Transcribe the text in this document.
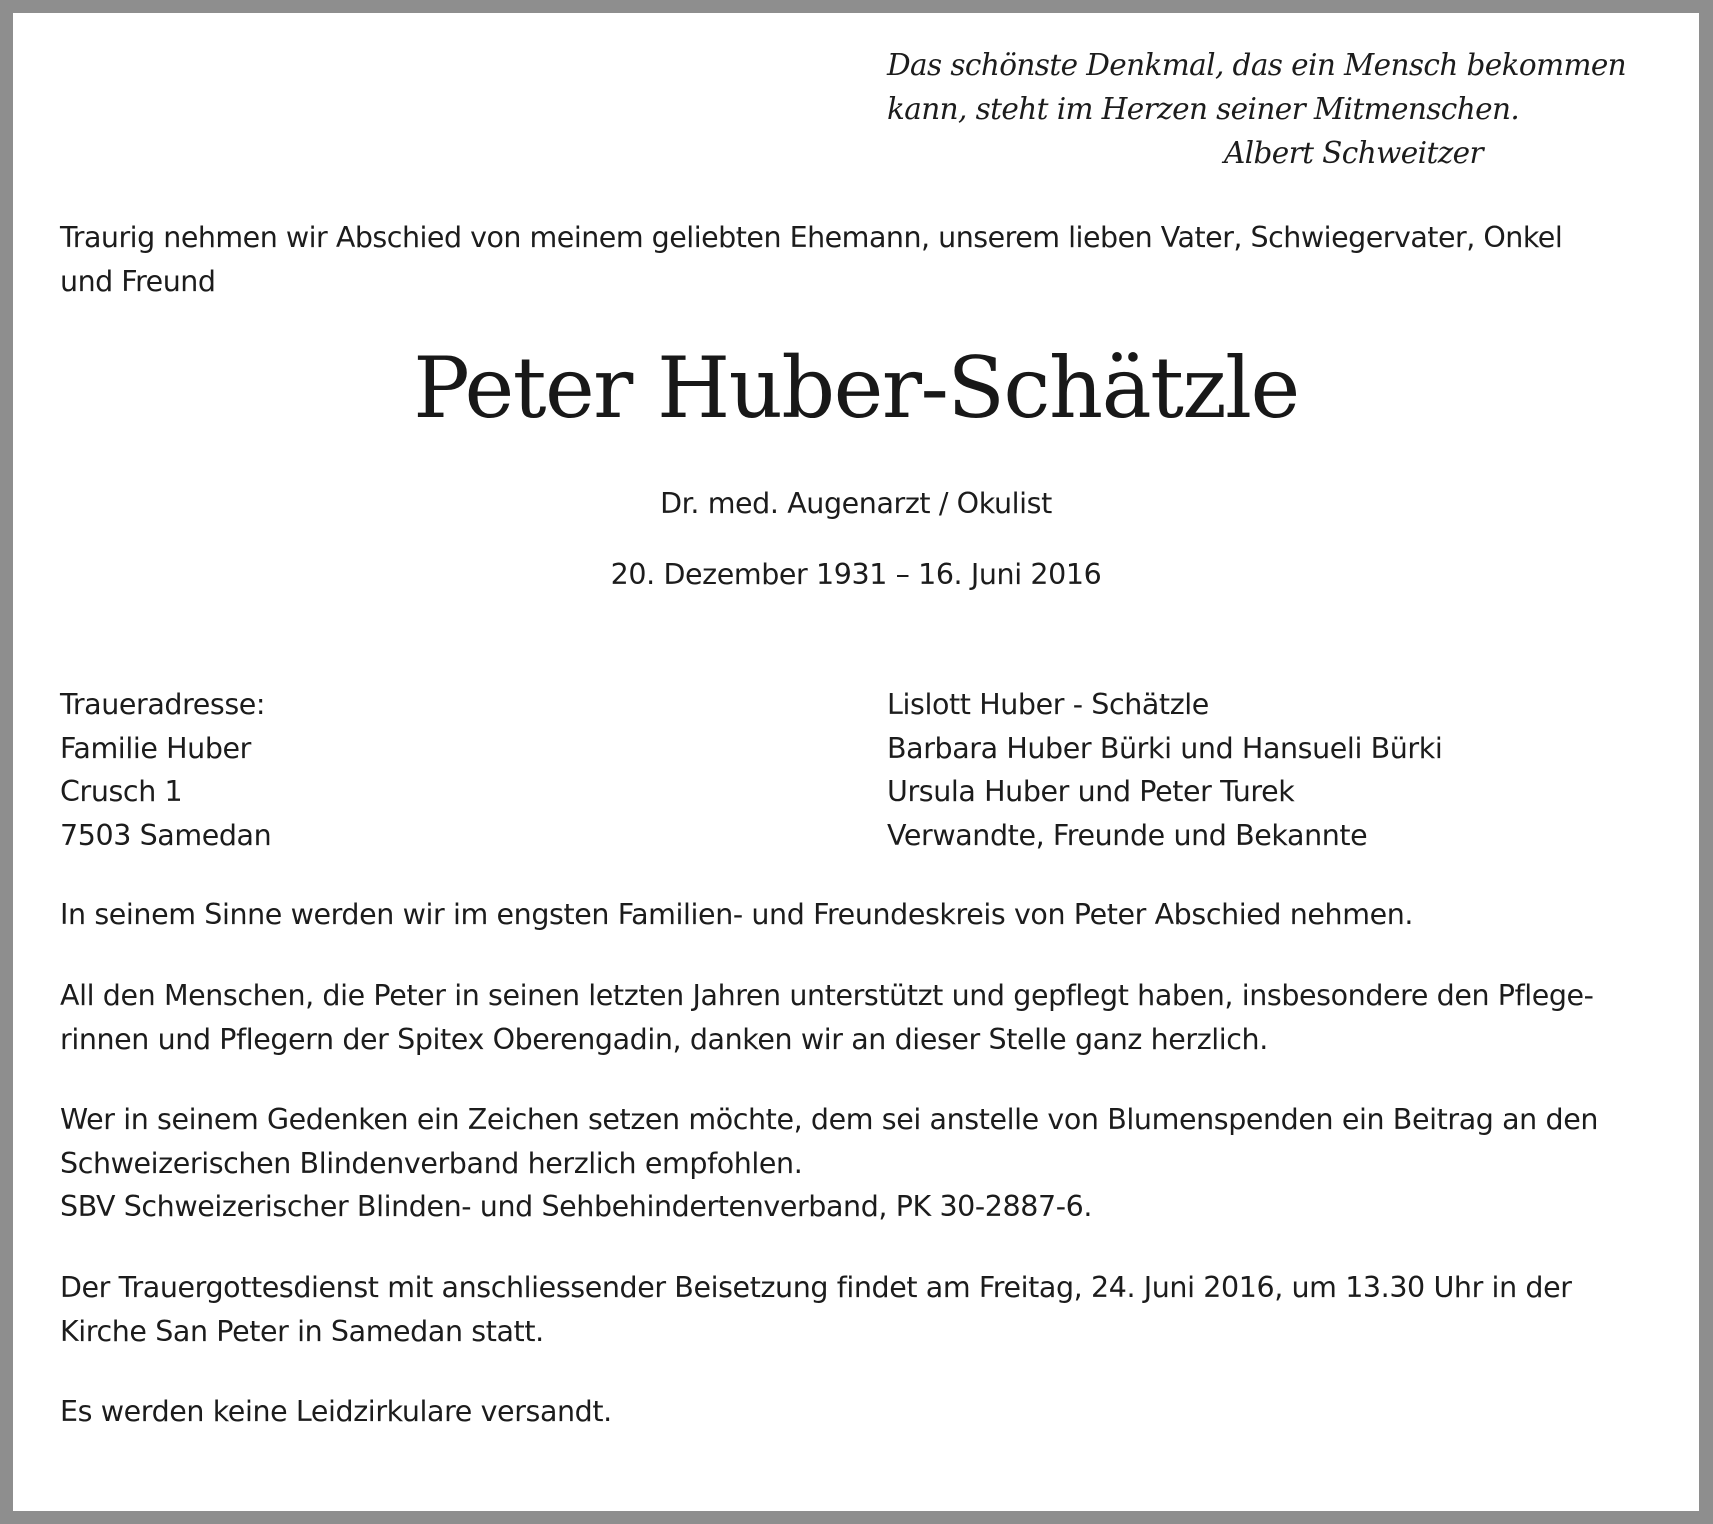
Das schönste Denkmal, das ein Mensch bekommen
kann, steht im Herzen seiner Mitmenschen.
Albert Schweitzer
Traurig nehmen wir Abschied von meinem geliebten Ehemann, unserem lieben Vater, Schwiegervater, Onkel
und Freund
Peter Huber-Schätzle
Dr. med. Augenarzt / Okulist
20. Dezember 1931 – 16. Juni 2016
Traueradresse:
Familie Huber
Crusch 1
7503 Samedan
Lislott Huber - Schätzle
Barbara Huber Bürki und Hansueli Bürki
Ursula Huber und Peter Turek
Verwandte, Freunde und Bekannte
In seinem Sinne werden wir im engsten Familien- und Freundeskreis von Peter Abschied nehmen.
All den Menschen, die Peter in seinen letzten Jahren unterstützt und gepflegt haben, insbesondere den Pflege-
rinnen und Pflegern der Spitex Oberengadin, danken wir an dieser Stelle ganz herzlich.
Wer in seinem Gedenken ein Zeichen setzen möchte, dem sei anstelle von Blumenspenden ein Beitrag an den
Schweizerischen Blindenverband herzlich empfohlen.
SBV Schweizerischer Blinden- und Sehbehindertenverband, PK 30-2887-6.
Der Trauergottesdienst mit anschliessender Beisetzung findet am Freitag, 24. Juni 2016, um 13.30 Uhr in der
Kirche San Peter in Samedan statt.
Es werden keine Leidzirkulare versandt.
